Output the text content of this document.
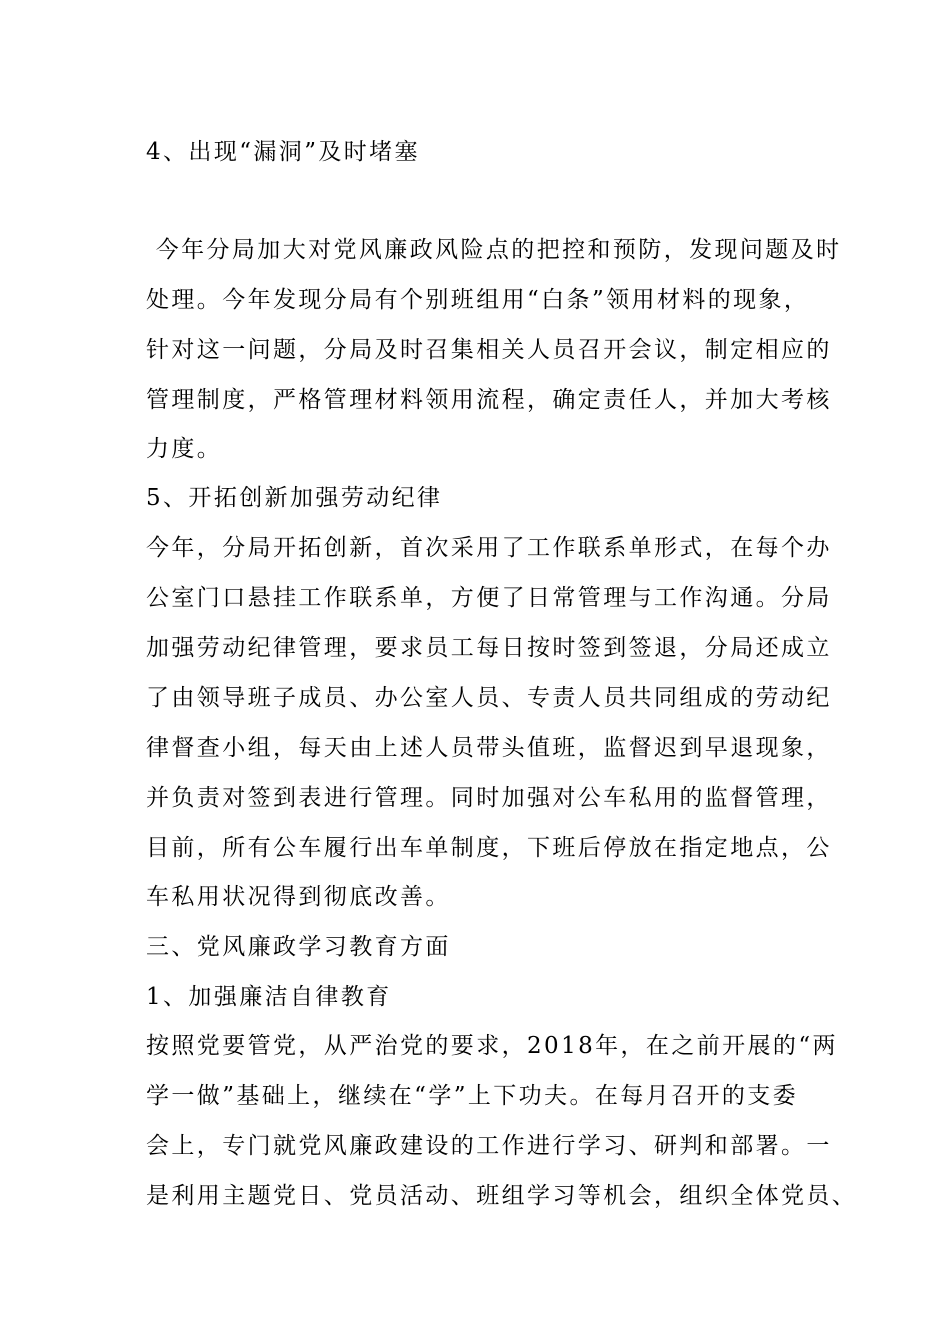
4、出现“漏洞”及时堵塞
今年分局加大对党风廉政风险点的把控和预防，发现问题及时
处理。今年发现分局有个别班组用“白条”领用材料的现象，
针对这一问题，分局及时召集相关人员召开会议，制定相应的
管理制度，严格管理材料领用流程，确定责任人，并加大考核
力度。
5、开拓创新加强劳动纪律
今年，分局开拓创新，首次采用了工作联系单形式，在每个办
公室门口悬挂工作联系单，方便了日常管理与工作沟通。分局
加强劳动纪律管理，要求员工每日按时签到签退，分局还成立
了由领导班子成员、办公室人员、专责人员共同组成的劳动纪
律督查小组，每天由上述人员带头值班，监督迟到早退现象，
并负责对签到表进行管理。同时加强对公车私用的监督管理，
目前，所有公车履行出车单制度，下班后停放在指定地点，公
车私用状况得到彻底改善。
三、党风廉政学习教育方面
1、加强廉洁自律教育
按照党要管党，从严治党的要求，2018年，在之前开展的“两
学一做”基础上，继续在“学”上下功夫。在每月召开的支委
会上，专门就党风廉政建设的工作进行学习、研判和部署。一
是利用主题党日、党员活动、班组学习等机会，组织全体党员、
